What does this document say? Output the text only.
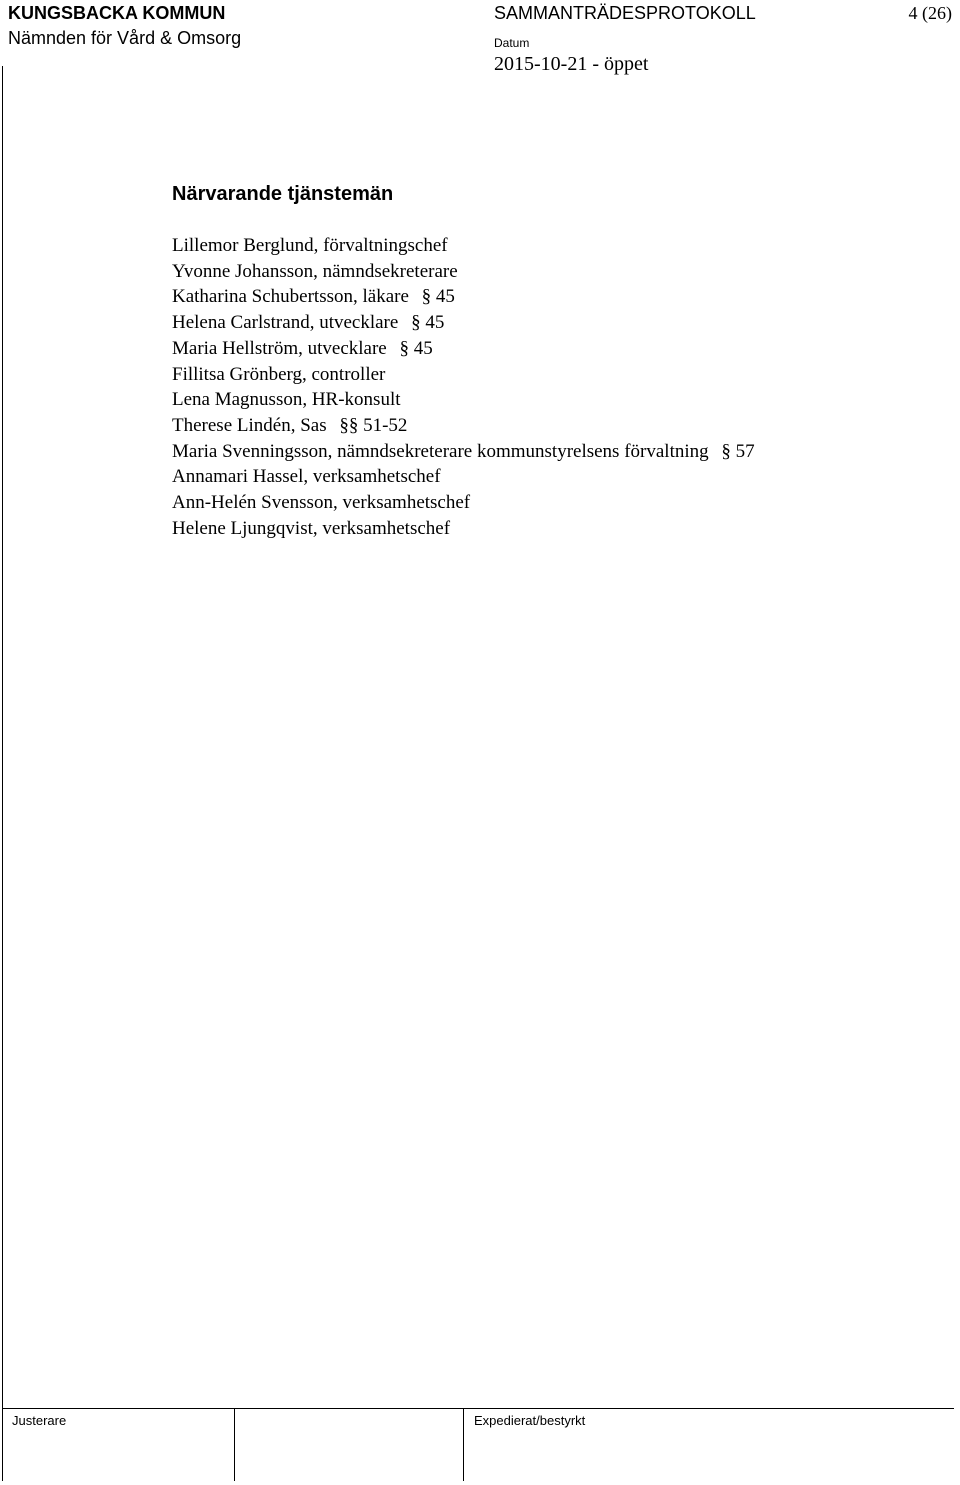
KUNGSBACKA KOMMUN
Nämnden för Vård & Omsorg
SAMMANTRÄDESPROTOKOLL	4 (26)
Datum
2015-10-21 - öppet
Närvarande tjänstemän
Lillemor Berglund, förvaltningschef
Yvonne Johansson, nämndsekreterare
Katharina Schubertsson, läkare § 45
Helena Carlstrand, utvecklare § 45
Maria Hellström, utvecklare § 45
Fillitsa Grönberg, controller
Lena Magnusson, HR-konsult
Therese Lindén, Sas §§ 51-52
Maria Svenningsson, nämndsekreterare kommunstyrelsens förvaltning § 57
Annamari Hassel, verksamhetschef
Ann-Helén Svensson, verksamhetschef
Helene Ljungqvist, verksamhetschef
Justerare	Expedierat/bestyrkt
